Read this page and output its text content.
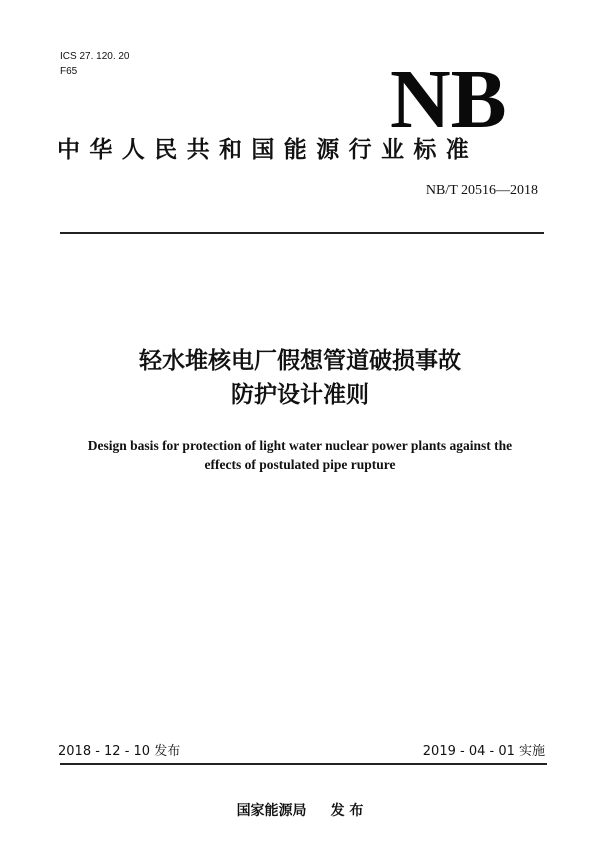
ICS 27. 120. 20
F65	NB
中华人民共和国能源行业标准
NB/T 20516—2018
轻水堆核电厂假想管道破损事故
防护设计准则
Design basis for protection of light water nuclear power plants against the
effects of postulated pipe rupture
2018 - 12 - 10 发布	2019 - 04 - 01 实施
国家能源局 发 布
